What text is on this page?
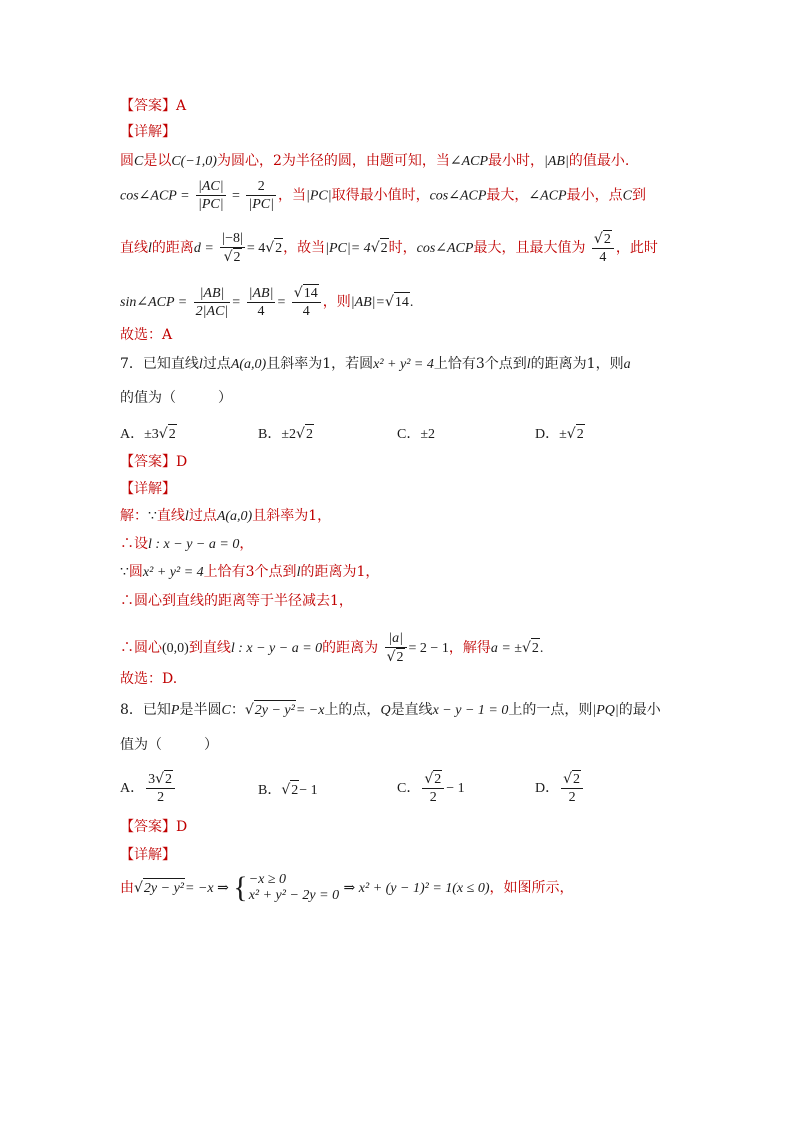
【答案】A
【详解】
圆C是以C(−1,0)为圆心，2为半径的圆，由题可知，当∠ACP最小时，|AB|的值最小.
cos∠ACP = $\frac{|AC|}{|PC|} = \frac{2}{|PC|}$ ，当|PC|取得最小值时，cos∠ACP最大，∠ACP最小，点C到
直线l的距离$d = \frac{|-8|}{√2} = 4√2$，故当|PC|= 4√2时，cos∠ACP最大，且最大值为 $\frac{√2}{4}$ ，此时
sin∠ACP = $\frac{|AB|}{2|AC|} = \frac{|AB|}{4} = \frac{√14}{4}$ ，则|AB|=√14.
故选：A
7．已知直线l过点A(a,0)且斜率为1，若圆x² + y² = 4上恰有3个点到l的距离为1，则a
的值为（　　　）
A．±3√2	B．±2√2	C．±2	D．±√2
【答案】D
【详解】
解：∵直线l过点A(a,0)且斜率为1，
∴设l : x − y − a = 0，
∵圆x² + y² = 4上恰有3个点到l的距离为1，
∴圆心到直线的距离等于半径减去1，
∴圆心(0,0)到直线l : x − y − a = 0的距离为 $\frac{|a|}{√2} = 2 - 1$，解得a = ±√2.
故选：D.
8．已知P是半圆C：√2y − y²= −x上的点，Q是直线x − y − 1 = 0上的一点，则|PQ|的最小
值为（　　　）
A． $\frac{3√2}{2}$	B．√2− 1	C． $\frac{√2}{2} - 1$	D． $\frac{√2}{2}$
【答案】D
【详解】
由√2y − y²= −x ⇒ { −x ≥ 0
x² + y² − 2y = 0 ⇒ x² + (y − 1)² = 1(x ≤ 0)，如图所示，
